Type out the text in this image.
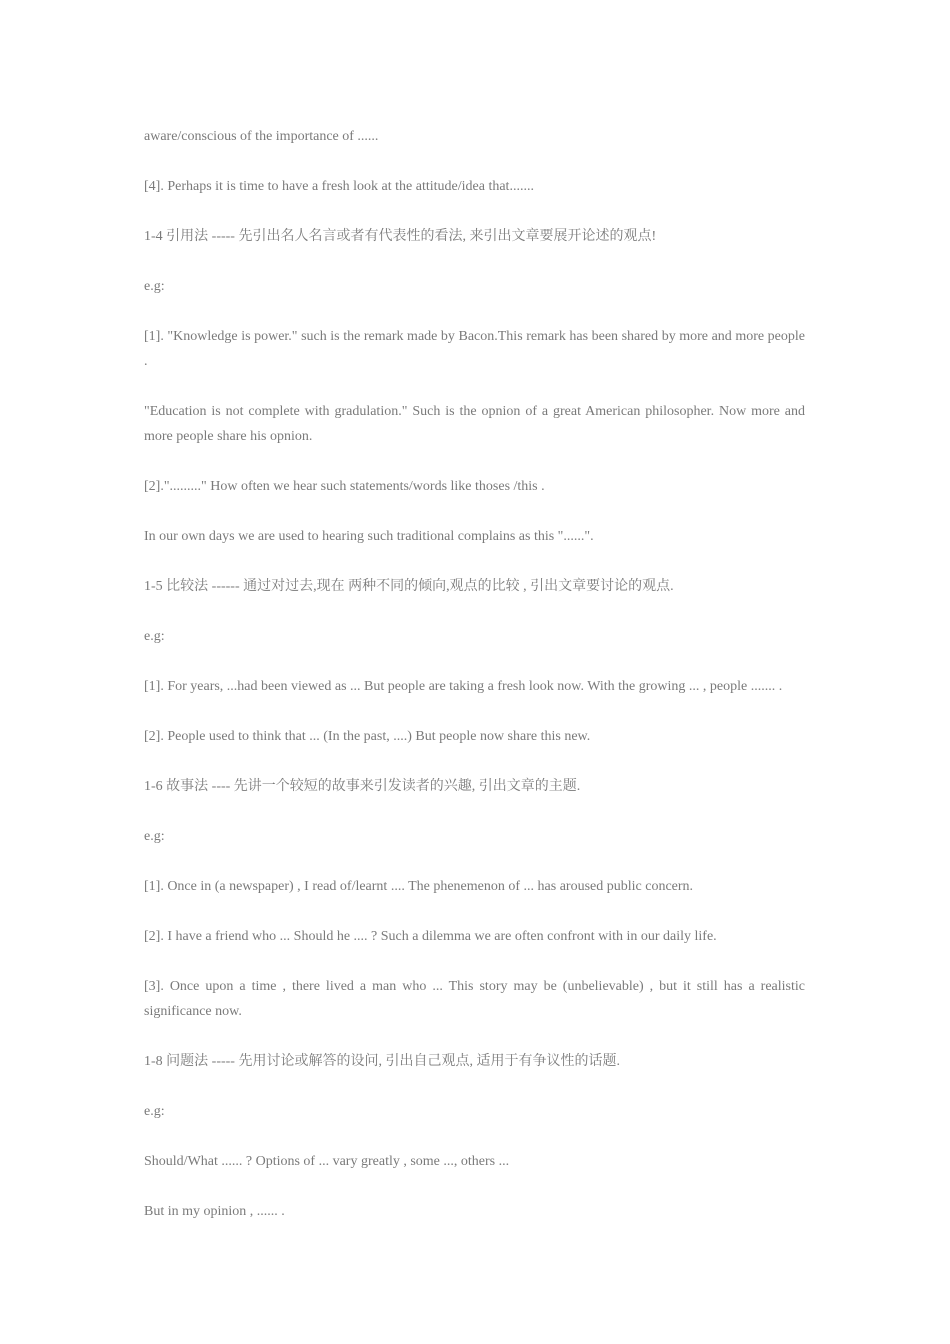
aware/conscious of the importance of ......

[4]. Perhaps it is time to have a fresh look at the attitude/idea that.......

1-4 引用法 ----- 先引出名人名言或者有代表性的看法, 来引出文章要展开论述的观点!

e.g:

[1]. "Knowledge is power." such is the remark made by Bacon.This remark has been shared by more and more people .

"Education is not complete with gradulation." Such is the opnion of a great American philosopher. Now more and more people share his opnion.

[2]."........." How often we hear such statements/words like thoses /this .

In our own days we are used to hearing such traditional complains as this "......".

1-5 比较法 ------ 通过对过去,现在 两种不同的倾向,观点的比较 , 引出文章要讨论的观点.

e.g:

[1]. For years, ...had been viewed as ... But people are taking a fresh look now. With the growing ... , people ....... .

[2]. People used to think that ... (In the past, ....) But people now share this new.

1-6 故事法 ---- 先讲一个较短的故事来引发读者的兴趣, 引出文章的主题.

e.g:

[1]. Once in (a newspaper) , I read of/learnt .... The phenemenon of ... has aroused public concern.

[2]. I have a friend who ... Should he .... ? Such a dilemma we are often confront with in our daily life.

[3]. Once upon a time , there lived a man who ... This story may be (unbelievable) , but it still has a realistic significance now.

1-8 问题法 ----- 先用讨论或解答的设问, 引出自己观点, 适用于有争议性的话题.

e.g:

Should/What ...... ? Options of ... vary greatly , some ..., others ...

But in my opinion , ...... .
